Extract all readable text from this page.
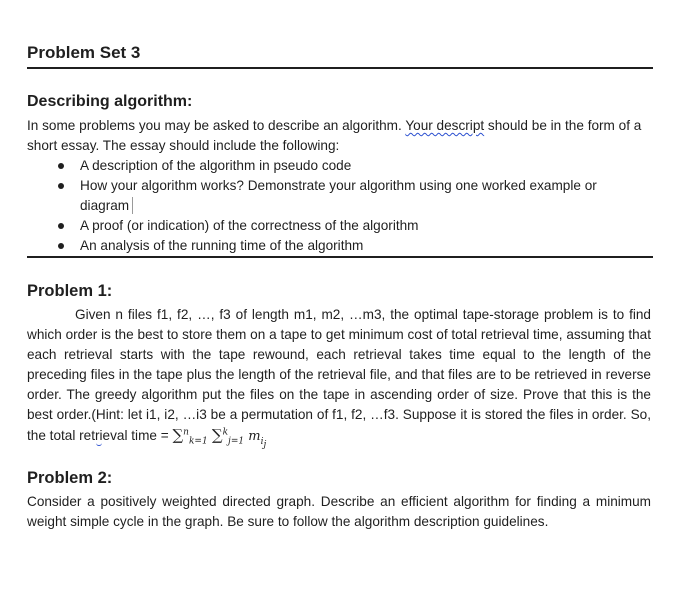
Problem Set 3
Describing algorithm:

In some problems you may be asked to describe an algorithm. Your descript should be in the form of a short essay. The essay should include the following:

A description of the algorithm in pseudo code
How your algorithm works? Demonstrate your algorithm using one worked example or diagram
A proof (or indication) of the correctness of the algorithm
An analysis of the running time of the algorithm
Problem 1:

Given n files f1, f2, …, f3 of length m1, m2, …m3, the optimal tape-storage problem is to find which order is the best to store them on a tape to get minimum cost of total retrieval time, assuming that each retrieval starts with the tape rewound, each retrieval takes time equal to the length of the preceding files in the tape plus the length of the retrieval file, and that files are to be retrieved in reverse order. The greedy algorithm put the files on the tape in ascending order of size. Prove that this is the best order.(Hint: let i1, i2, …i3 be a permutation of f1, f2, …f3. Suppose it is stored the files in order. So, the total retrieval time = ∑$^n_{k=1}$ ∑$^k_{j=1}$ $m_{i_j}$

Problem 2:

Consider a positively weighted directed graph. Describe an efficient algorithm for finding a minimum weight simple cycle in the graph. Be sure to follow the algorithm description guidelines.
